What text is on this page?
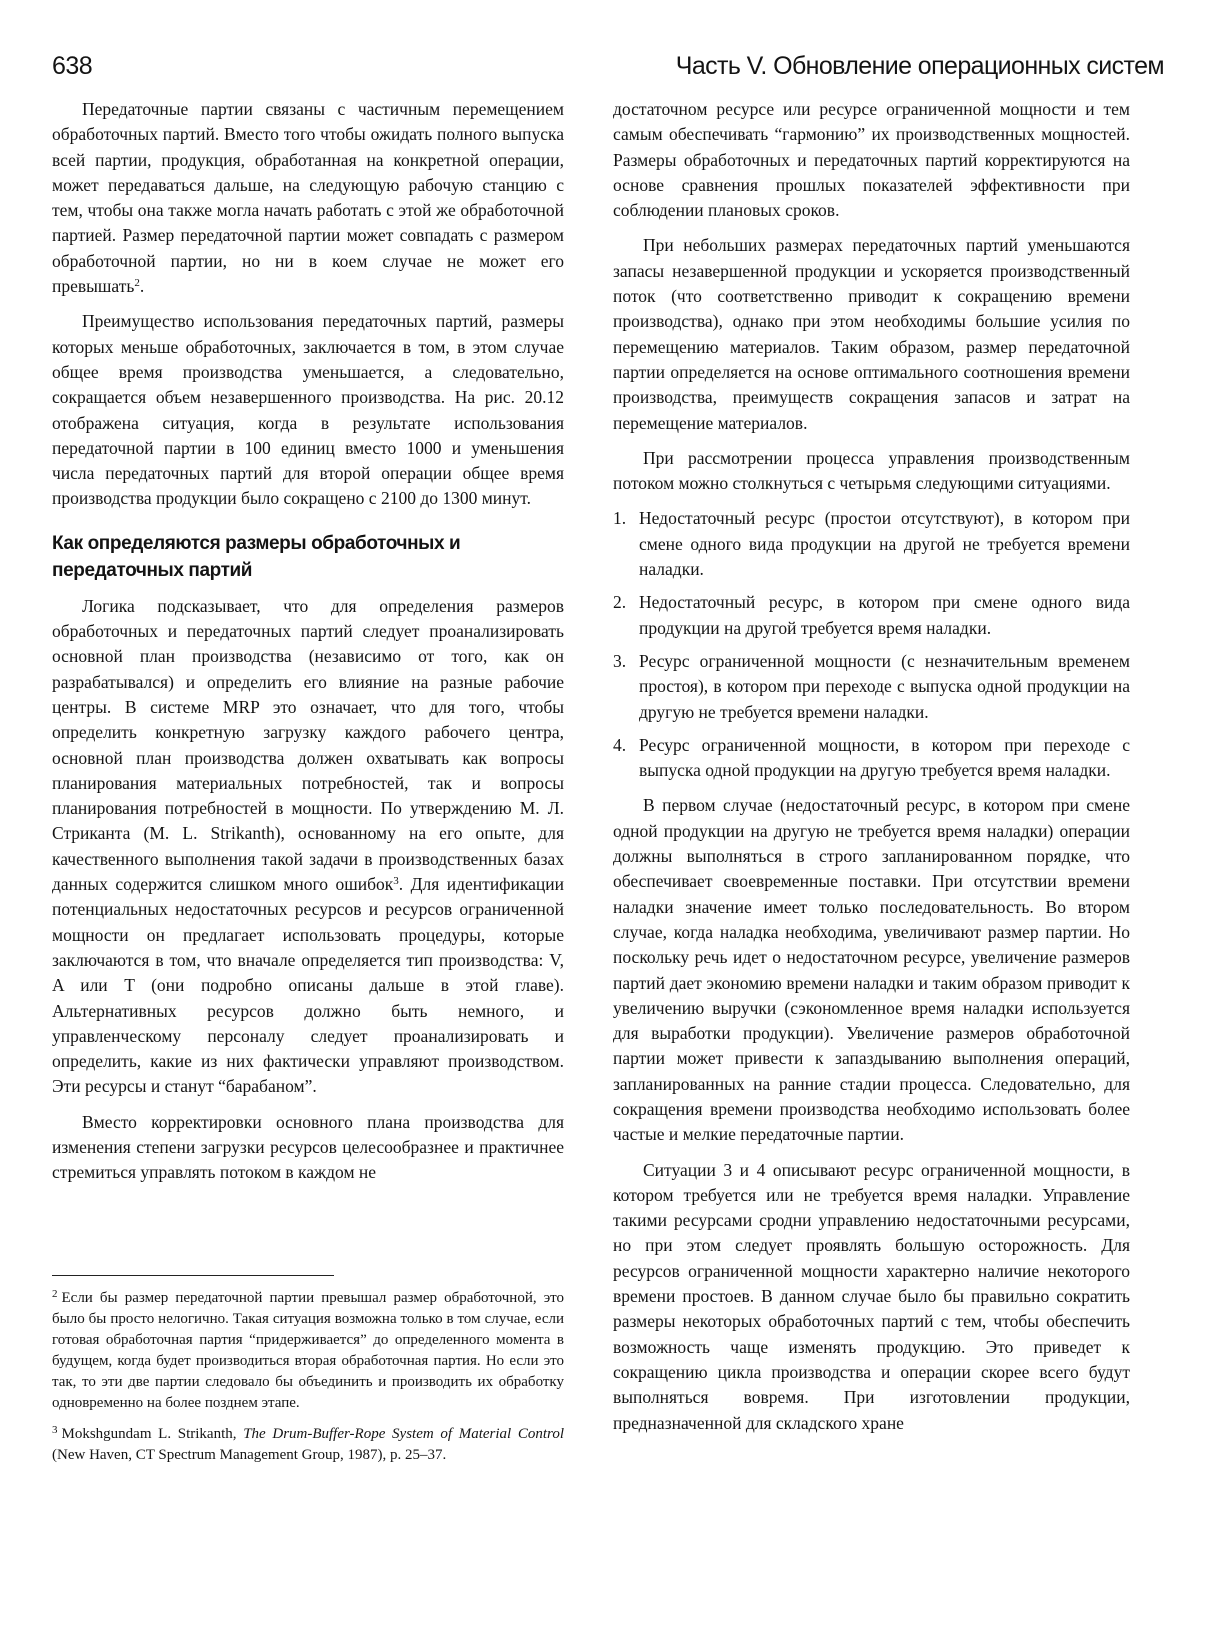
638	Часть V. Обновление операционных систем

Передаточные партии связаны с частичным перемещением обработочных партий. Вместо того чтобы ожидать полного выпуска всей партии, продукция, обработанная на конкретной операции, может передаваться дальше, на следующую рабочую станцию с тем, чтобы она также могла начать работать с этой же обработочной партией. Размер передаточной партии может совпадать с размером обработочной партии, но ни в коем случае не может его превышать$^2$.

Преимущество использования передаточных партий, размеры которых меньше обработочных, заключается в том, в этом случае общее время производства уменьшается, а следовательно, сокращается объем незавершенного производства. На рис. 20.12 отображена ситуация, когда в результате использования передаточной партии в 100 единиц вместо 1000 и уменьшения числа передаточных партий для второй операции общее время производства продукции было сокращено с 2100 до 1300 минут.

Как определяются размеры обработочных и передаточных партий

Логика подсказывает, что для определения размеров обработочных и передаточных партий следует проанализировать основной план производства (независимо от того, как он разрабатывался) и определить его влияние на разные рабочие центры. В системе MRP это означает, что для того, чтобы определить конкретную загрузку каждого рабочего центра, основной план производства должен охватывать как вопросы планирования материальных потребностей, так и вопросы планирования потребностей в мощности. По утверждению М. Л. Стриканта (M. L. Strikanth), основанному на его опыте, для качественного выполнения такой задачи в производственных базах данных содержится слишком много ошибок$^3$. Для идентификации потенциальных недостаточных ресурсов и ресурсов ограниченной мощности он предлагает использовать процедуры, которые заключаются в том, что вначале определяется тип производства: V, A или T (они подробно описаны дальше в этой главе). Альтернативных ресурсов должно быть немного, и управленческому персоналу следует проанализировать и определить, какие из них фактически управляют производством. Эти ресурсы и станут “барабаном”.

Вместо корректировки основного плана производства для изменения степени загрузки ресурсов целесообразнее и практичнее стремиться управлять потоком в каждом не

достаточном ресурсе или ресурсе ограниченной мощности и тем самым обеспечивать “гармонию” их производственных мощностей. Размеры обработочных и передаточных партий корректируются на основе сравнения прошлых показателей эффективности при соблюдении плановых сроков.

При небольших размерах передаточных партий уменьшаются запасы незавершенной продукции и ускоряется производственный поток (что соответственно приводит к сокращению времени производства), однако при этом необходимы большие усилия по перемещению материалов. Таким образом, размер передаточной партии определяется на основе оптимального соотношения времени производства, преимуществ сокращения запасов и затрат на перемещение материалов.

При рассмотрении процесса управления производственным потоком можно столкнуться с четырьмя следующими ситуациями.

1. Недостаточный ресурс (простои отсутствуют), в котором при смене одного вида продукции на другой не требуется времени наладки.
2. Недостаточный ресурс, в котором при смене одного вида продукции на другой требуется время наладки.
3. Ресурс ограниченной мощности (с незначительным временем простоя), в котором при переходе с выпуска одной продукции на другую не требуется времени наладки.
4. Ресурс ограниченной мощности, в котором при переходе с выпуска одной продукции на другую требуется время наладки.

В первом случае (недостаточный ресурс, в котором при смене одной продукции на другую не требуется время наладки) операции должны выполняться в строго запланированном порядке, что обеспечивает своевременные поставки. При отсутствии времени наладки значение имеет только последовательность. Во втором случае, когда наладка необходима, увеличивают размер партии. Но поскольку речь идет о недостаточном ресурсе, увеличение размеров партий дает экономию времени наладки и таким образом приводит к увеличению выручки (сэкономленное время наладки используется для выработки продукции). Увеличение размеров обработочной партии может привести к запаздыванию выполнения операций, запланированных на ранние стадии процесса. Следовательно, для сокращения времени производства необходимо использовать более частые и мелкие передаточные партии.

Ситуации 3 и 4 описывают ресурс ограниченной мощности, в котором требуется или не требуется время наладки. Управление такими ресурсами сродни управлению недостаточными ресурсами, но при этом следует проявлять большую осторожность. Для ресурсов ограниченной мощности характерно наличие некоторого времени простоев. В данном случае было бы правильно сократить размеры некоторых обработочных партий с тем, чтобы обеспечить возможность чаще изменять продукцию. Это приведет к сокращению цикла производства и операции скорее всего будут выполняться вовремя. При изготовлении продукции, предназначенной для складского хране

$^2$ Если бы размер передаточной партии превышал размер обработочной, это было бы просто нелогично. Такая ситуация возможна только в том случае, если готовая обработочная партия “придерживается” до определенного момента в будущем, когда будет производиться вторая обработочная партия. Но если это так, то эти две партии следовало бы объединить и производить их обработку одновременно на более позднем этапе.

$^3$ Mokshgundam L. Strikanth, The Drum-Buffer-Rope System of Material Control (New Haven, CT Spectrum Management Group, 1987), p. 25–37.
